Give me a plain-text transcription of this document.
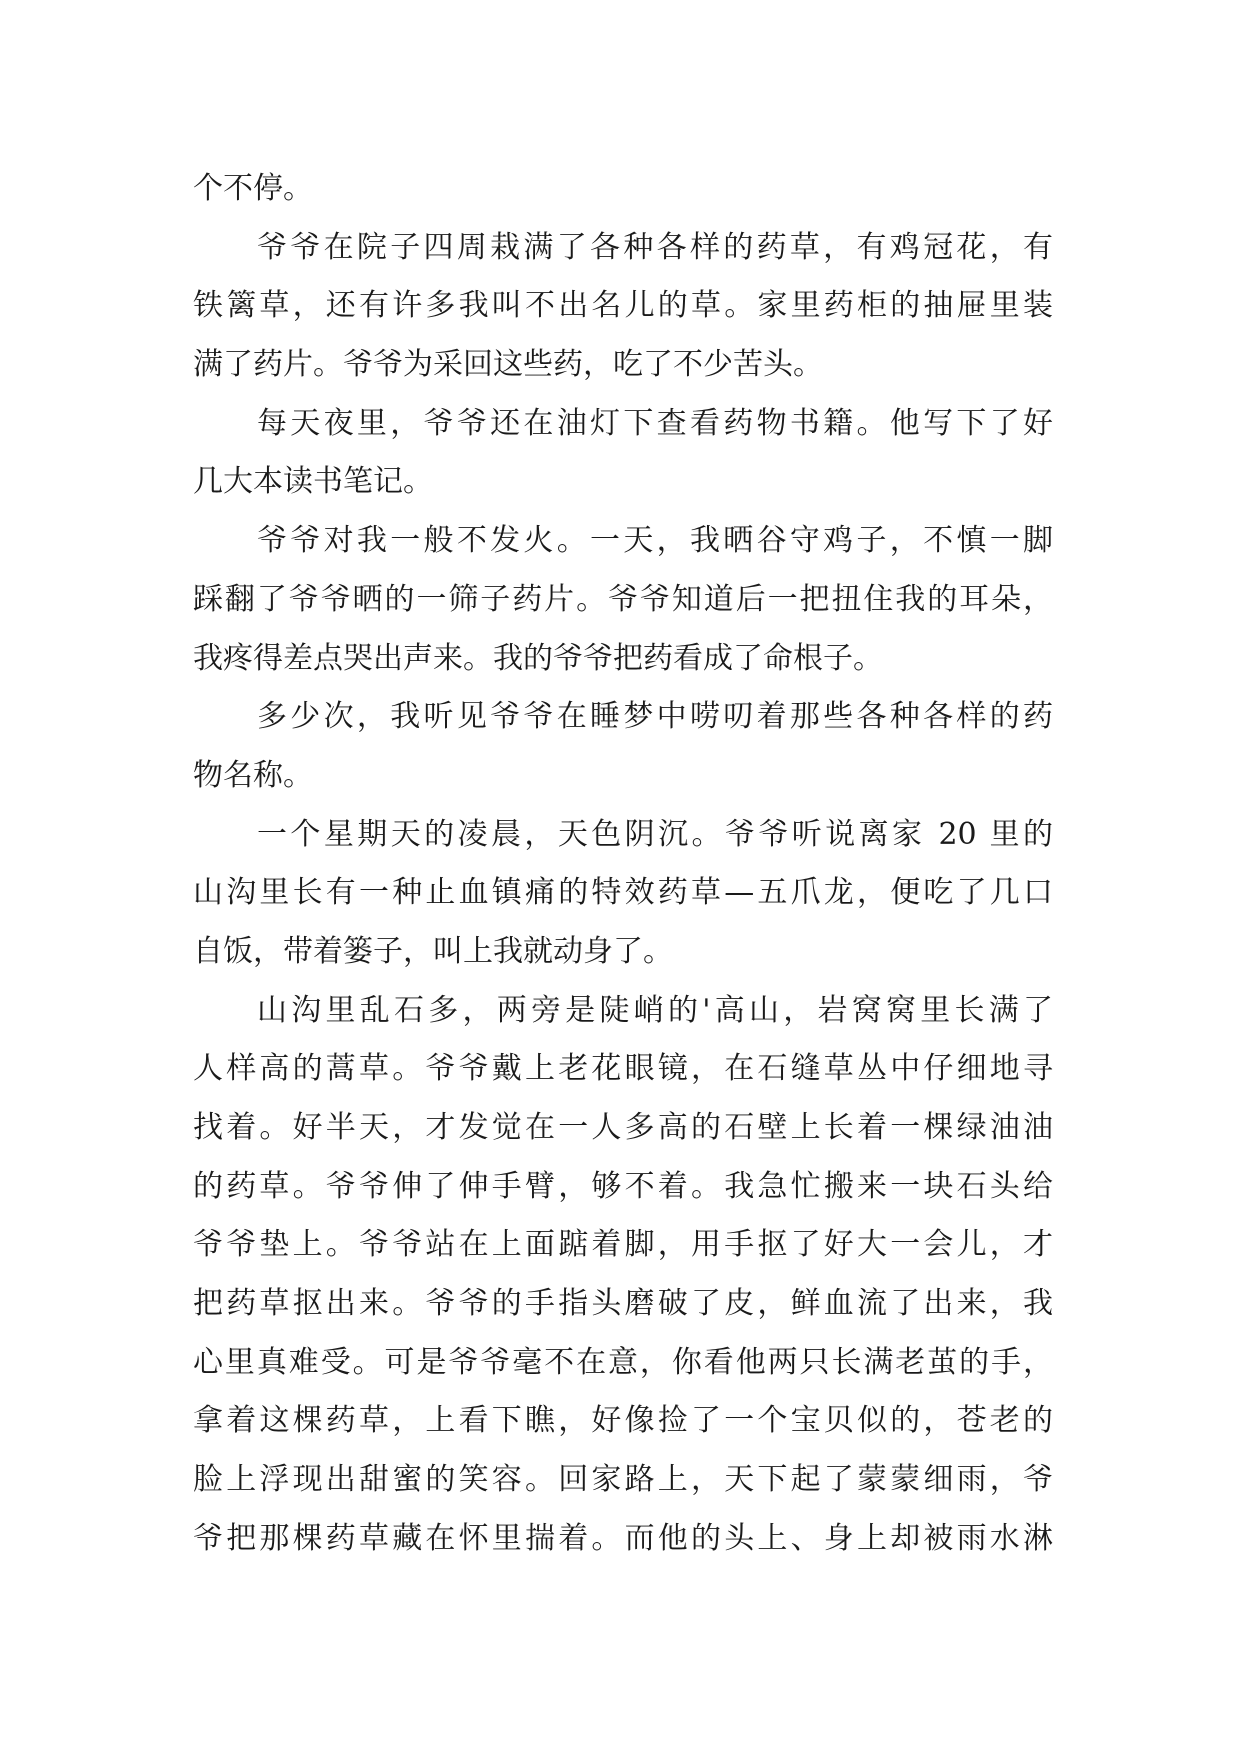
个不停。
爷爷在院子四周栽满了各种各样的药草，有鸡冠花，有
铁篱草，还有许多我叫不出名儿的草。家里药柜的抽屉里装
满了药片。爷爷为采回这些药，吃了不少苦头。
每天夜里，爷爷还在油灯下查看药物书籍。他写下了好
几大本读书笔记。
爷爷对我一般不发火。一天，我晒谷守鸡子，不慎一脚
踩翻了爷爷晒的一筛子药片。爷爷知道后一把扭住我的耳朵，
我疼得差点哭出声来。我的爷爷把药看成了命根子。
多少次，我听见爷爷在睡梦中唠叨着那些各种各样的药
物名称。
一个星期天的凌晨，天色阴沉。爷爷听说离家 20 里的
山沟里长有一种止血镇痛的特效药草—五爪龙，便吃了几口
自饭，带着篓子，叫上我就动身了。
山沟里乱石多，两旁是陡峭的'高山，岩窝窝里长满了
人样高的蒿草。爷爷戴上老花眼镜，在石缝草丛中仔细地寻
找着。好半天，才发觉在一人多高的石壁上长着一棵绿油油
的药草。爷爷伸了伸手臂，够不着。我急忙搬来一块石头给
爷爷垫上。爷爷站在上面踮着脚，用手抠了好大一会儿，才
把药草抠出来。爷爷的手指头磨破了皮，鲜血流了出来，我
心里真难受。可是爷爷毫不在意，你看他两只长满老茧的手，
拿着这棵药草，上看下瞧，好像捡了一个宝贝似的，苍老的
脸上浮现出甜蜜的笑容。回家路上，天下起了蒙蒙细雨，爷
爷把那棵药草藏在怀里揣着。而他的头上、身上却被雨水淋
